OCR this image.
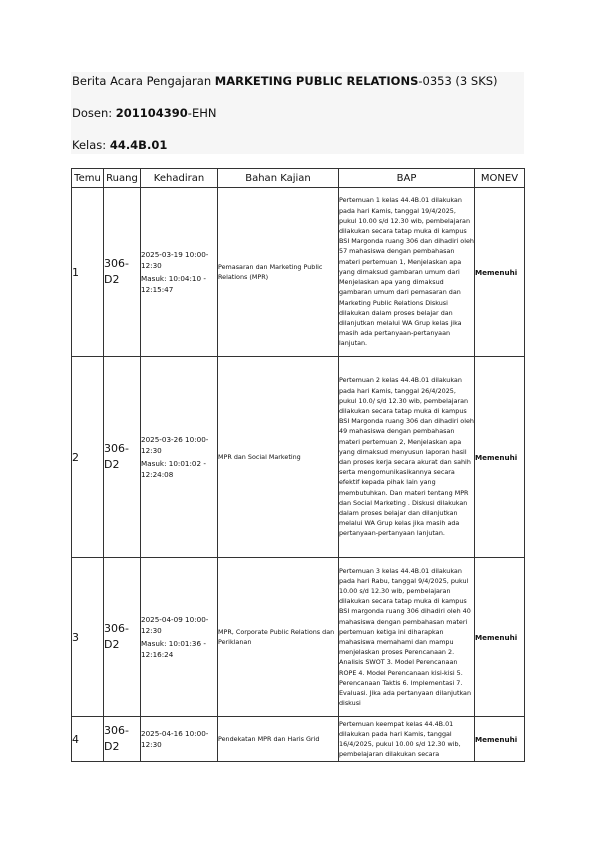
Berita Acara Pengajaran MARKETING PUBLIC RELATIONS-0353 (3 SKS)
Dosen: 201104390-EHN
Kelas: 44.4B.01
Temu	Ruang	Kehadiran	Bahan Kajian	BAP	MONEV
1	306-D2	2025-03-19 10:00-12:30
Masuk: 10:04:10 - 12:15:47	Pemasaran dan Marketing Public Relations (MPR)	Pertemuan 1 kelas 44.4B.01 dilakukan pada hari Kamis, tanggal 19/4/2025, pukul 10.00 s/d 12.30 wib, pembelajaran dilakukan secara tatap muka di kampus BSI Margonda ruang 306 dan dihadiri oleh 57 mahasiswa dengan pembahasan materi pertemuan 1, Menjelaskan apa yang dimaksud gambaran umum dari Menjelaskan apa yang dimaksud gambaran umum dari pemasaran dan Marketing Public Relations Diskusi dilakukan dalam proses belajar dan dilanjutkan melalui WA Grup kelas jika masih ada pertanyaan-pertanyaan lanjutan.	Memenuhi
2	306-D2	2025-03-26 10:00-12:30
Masuk: 10:01:02 - 12:24:08	MPR dan Social Marketing	Pertemuan 2 kelas 44.4B.01 dilakukan pada hari Kamis, tanggal 26/4/2025, pukul 10.0/ s/d 12.30 wib, pembelajaran dilakukan secara tatap muka di kampus BSI Margonda ruang 306 dan dihadiri oleh 49 mahasiswa dengan pembahasan materi pertemuan 2, Menjelaskan apa yang dimaksud menyusun laporan hasil dan proses kerja secara akurat dan sahih serta mengomunikasikannya secara efektif kepada pihak lain yang membutuhkan. Dan materi tentang MPR dan Social Marketing . Diskusi dilakukan dalam proses belajar dan dilanjutkan melalui WA Grup kelas jika masih ada pertanyaan-pertanyaan lanjutan.	Memenuhi
3	306-D2	2025-04-09 10:00-12:30
Masuk: 10:01:36 - 12:16:24	MPR, Corporate Public Relations dan Periklanan	Pertemuan 3 kelas 44.4B.01 dilakukan pada hari Rabu, tanggal 9/4/2025, pukul 10.00 s/d 12.30 wib, pembelajaran dilakukan secara tatap muka di kampus BSI margonda ruang 306 dihadiri oleh 40 mahasiswa dengan pembahasan materi pertemuan ketiga ini diharapkan mahasiswa memahami dan mampu menjelaskan proses Perencanaan 2. Analisis SWOT 3. Model Perencanaan ROPE 4. Model Perencanaan kisi-kisi 5. Perencanaan Taktis 6. Implementasi 7. Evaluasi. Jika ada pertanyaan dilanjutkan diskusi	Memenuhi
4	306-D2	2025-04-16 10:00-12:30	Pendekatan MPR dan Haris Grid	Pertemuan keempat kelas 44.4B.01 dilakukan pada hari Kamis, tanggal 16/4/2025, pukul 10.00 s/d 12.30 wib, pembelajaran dilakukan secara	Memenuhi
